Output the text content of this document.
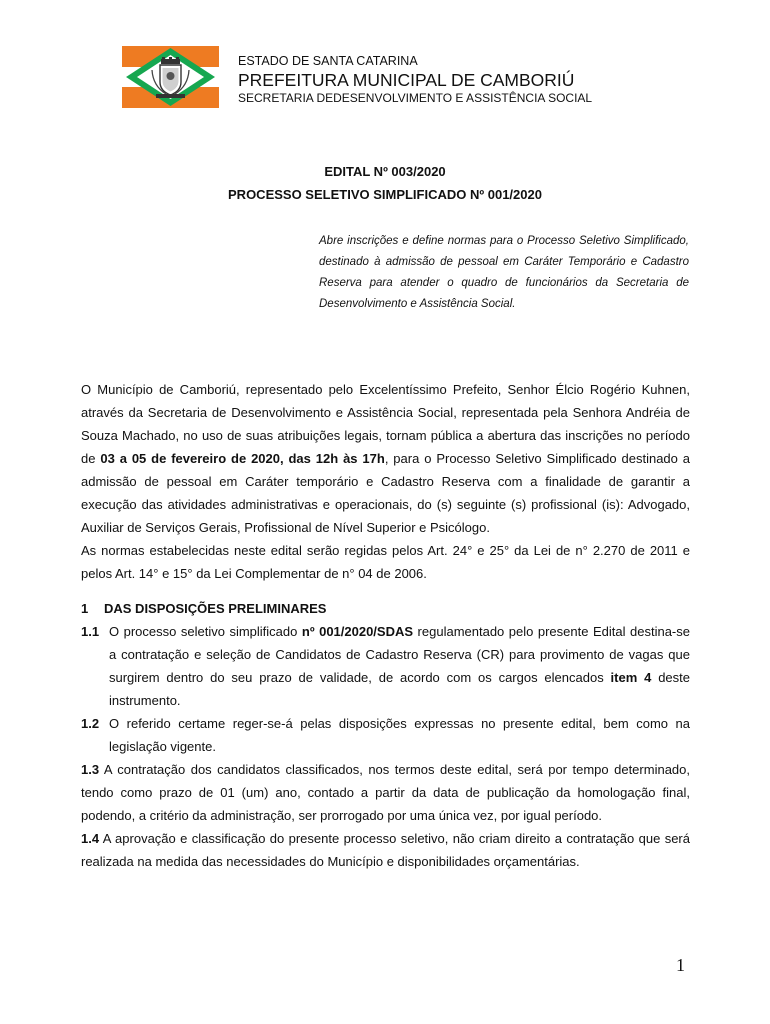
ESTADO DE SANTA CATARINA
PREFEITURA MUNICIPAL DE CAMBORIÚ
SECRETARIA DEDESENVOLVIMENTO E ASSISTÊNCIA SOCIAL
EDITAL Nº 003/2020
PROCESSO SELETIVO SIMPLIFICADO Nº 001/2020
Abre inscrições e define normas para o Processo Seletivo Simplificado, destinado à admissão de pessoal em Caráter Temporário e Cadastro Reserva para atender o quadro de funcionários da Secretaria de Desenvolvimento e Assistência Social.

O Município de Camboriú, representado pelo Excelentíssimo Prefeito, Senhor Élcio Rogério Kuhnen, através da Secretaria de Desenvolvimento e Assistência Social, representada pela Senhora Andréia de Souza Machado, no uso de suas atribuições legais, tornam pública a abertura das inscrições no período de 03 a 05 de fevereiro de 2020, das 12h às 17h, para o Processo Seletivo Simplificado destinado a admissão de pessoal em Caráter temporário e Cadastro Reserva com a finalidade de garantir a execução das atividades administrativas e operacionais, do (s) seguinte (s) profissional (is): Advogado, Auxiliar de Serviços Gerais, Profissional de Nível Superior e Psicólogo.

As normas estabelecidas neste edital serão regidas pelos Art. 24° e 25° da Lei de n° 2.270 de 2011 e pelos Art. 14° e 15° da Lei Complementar de n° 04 de 2006.

1 DAS DISPOSIÇÕES PRELIMINARES

1.1 O processo seletivo simplificado nº 001/2020/SDAS regulamentado pelo presente Edital destina-se a contratação e seleção de Candidatos de Cadastro Reserva (CR) para provimento de vagas que surgirem dentro do seu prazo de validade, de acordo com os cargos elencados item 4 deste instrumento.

1.2 O referido certame reger-se-á pelas disposições expressas no presente edital, bem como na legislação vigente.

1.3 A contratação dos candidatos classificados, nos termos deste edital, será por tempo determinado, tendo como prazo de 01 (um) ano, contado a partir da data de publicação da homologação final, podendo, a critério da administração, ser prorrogado por uma única vez, por igual período.

1.4 A aprovação e classificação do presente processo seletivo, não criam direito a contratação que será realizada na medida das necessidades do Município e disponibilidades orçamentárias.

1
